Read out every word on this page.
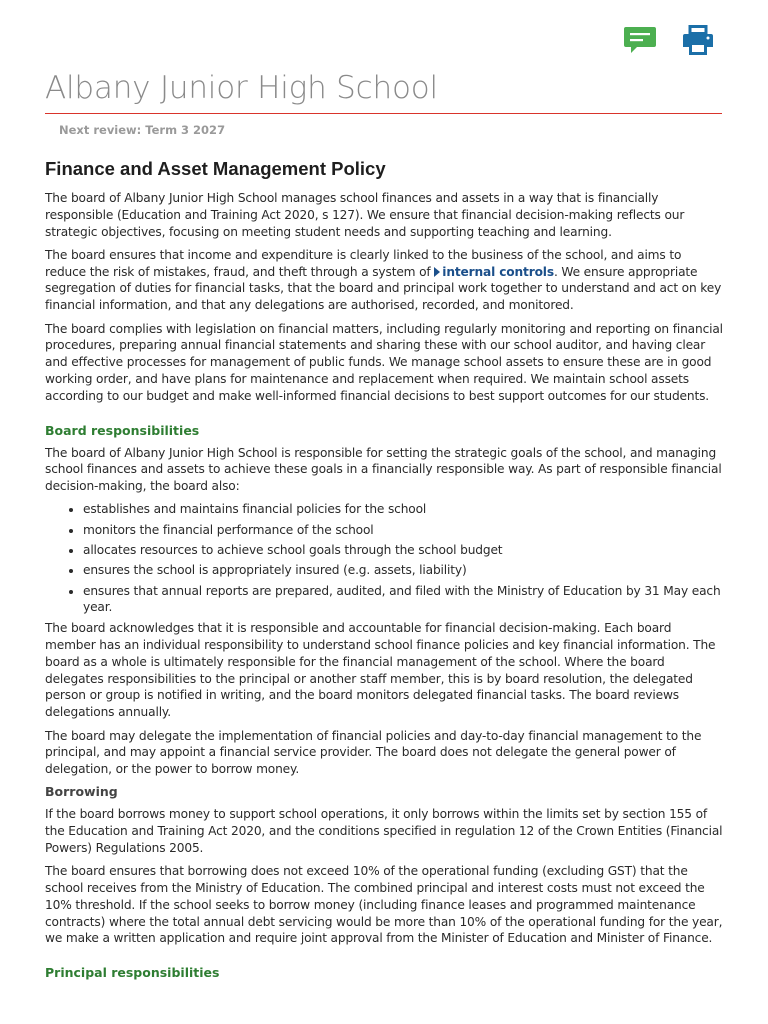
Albany Junior High School
Next review: Term 3 2027
Finance and Asset Management Policy

The board of Albany Junior High School manages school finances and assets in a way that is financially responsible (Education and Training Act 2020, s 127). We ensure that financial decision-making reflects our strategic objectives, focusing on meeting student needs and supporting teaching and learning.

The board ensures that income and expenditure is clearly linked to the business of the school, and aims to reduce the risk of mistakes, fraud, and theft through a system of internal controls. We ensure appropriate segregation of duties for financial tasks, that the board and principal work together to understand and act on key financial information, and that any delegations are authorised, recorded, and monitored.

The board complies with legislation on financial matters, including regularly monitoring and reporting on financial procedures, preparing annual financial statements and sharing these with our school auditor, and having clear and effective processes for management of public funds. We manage school assets to ensure these are in good working order, and have plans for maintenance and replacement when required. We maintain school assets according to our budget and make well-informed financial decisions to best support outcomes for our students.

Board responsibilities

The board of Albany Junior High School is responsible for setting the strategic goals of the school, and managing school finances and assets to achieve these goals in a financially responsible way. As part of responsible financial decision-making, the board also:

• establishes and maintains financial policies for the school
• monitors the financial performance of the school
• allocates resources to achieve school goals through the school budget
• ensures the school is appropriately insured (e.g. assets, liability)
• ensures that annual reports are prepared, audited, and filed with the Ministry of Education by 31 May each year.

The board acknowledges that it is responsible and accountable for financial decision-making. Each board member has an individual responsibility to understand school finance policies and key financial information. The board as a whole is ultimately responsible for the financial management of the school. Where the board delegates responsibilities to the principal or another staff member, this is by board resolution, the delegated person or group is notified in writing, and the board monitors delegated financial tasks. The board reviews delegations annually.

The board may delegate the implementation of financial policies and day-to-day financial management to the principal, and may appoint a financial service provider. The board does not delegate the general power of delegation, or the power to borrow money.

Borrowing

If the board borrows money to support school operations, it only borrows within the limits set by section 155 of the Education and Training Act 2020, and the conditions specified in regulation 12 of the Crown Entities (Financial Powers) Regulations 2005.

The board ensures that borrowing does not exceed 10% of the operational funding (excluding GST) that the school receives from the Ministry of Education. The combined principal and interest costs must not exceed the 10% threshold. If the school seeks to borrow money (including finance leases and programmed maintenance contracts) where the total annual debt servicing would be more than 10% of the operational funding for the year, we make a written application and require joint approval from the Minister of Education and Minister of Finance.

Principal responsibilities
